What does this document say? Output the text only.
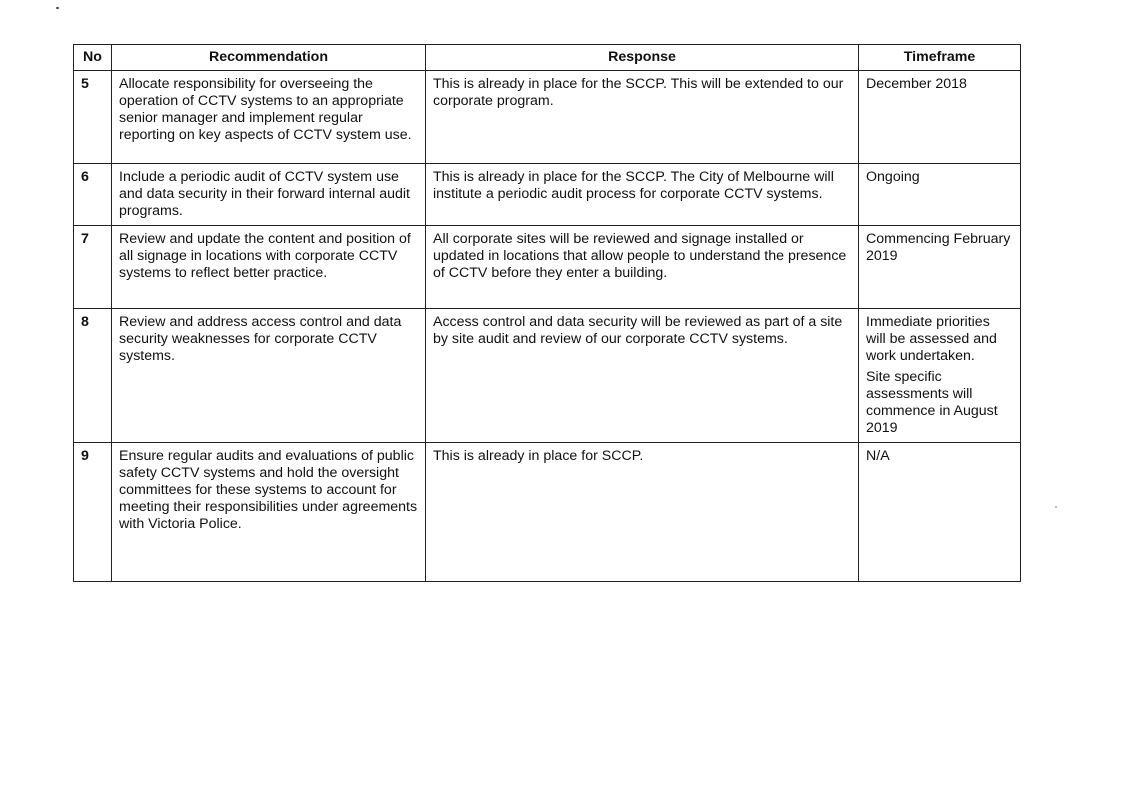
No	Recommendation	Response	Timeframe
5	Allocate responsibility for overseeing the operation of CCTV systems to an appropriate senior manager and implement regular reporting on key aspects of CCTV system use.	This is already in place for the SCCP. This will be extended to our corporate program.	December 2018

6	Include a periodic audit of CCTV system use and data security in their forward internal audit programs.	This is already in place for the SCCP. The City of Melbourne will institute a periodic audit process for corporate CCTV systems.	Ongoing

7	Review and update the content and position of all signage in locations with corporate CCTV systems to reflect better practice.	All corporate sites will be reviewed and signage installed or updated in locations that allow people to understand the presence of CCTV before they enter a building.	Commencing February 2019

8	Review and address access control and data security weaknesses for corporate CCTV systems.	Access control and data security will be reviewed as part of a site by site audit and review of our corporate CCTV systems.	Immediate priorities will be assessed and work undertaken.
Site specific assessments will commence in August 2019

9	Ensure regular audits and evaluations of public safety CCTV systems and hold the oversight committees for these systems to account for meeting their responsibilities under agreements with Victoria Police.	This is already in place for SCCP.	N/A
